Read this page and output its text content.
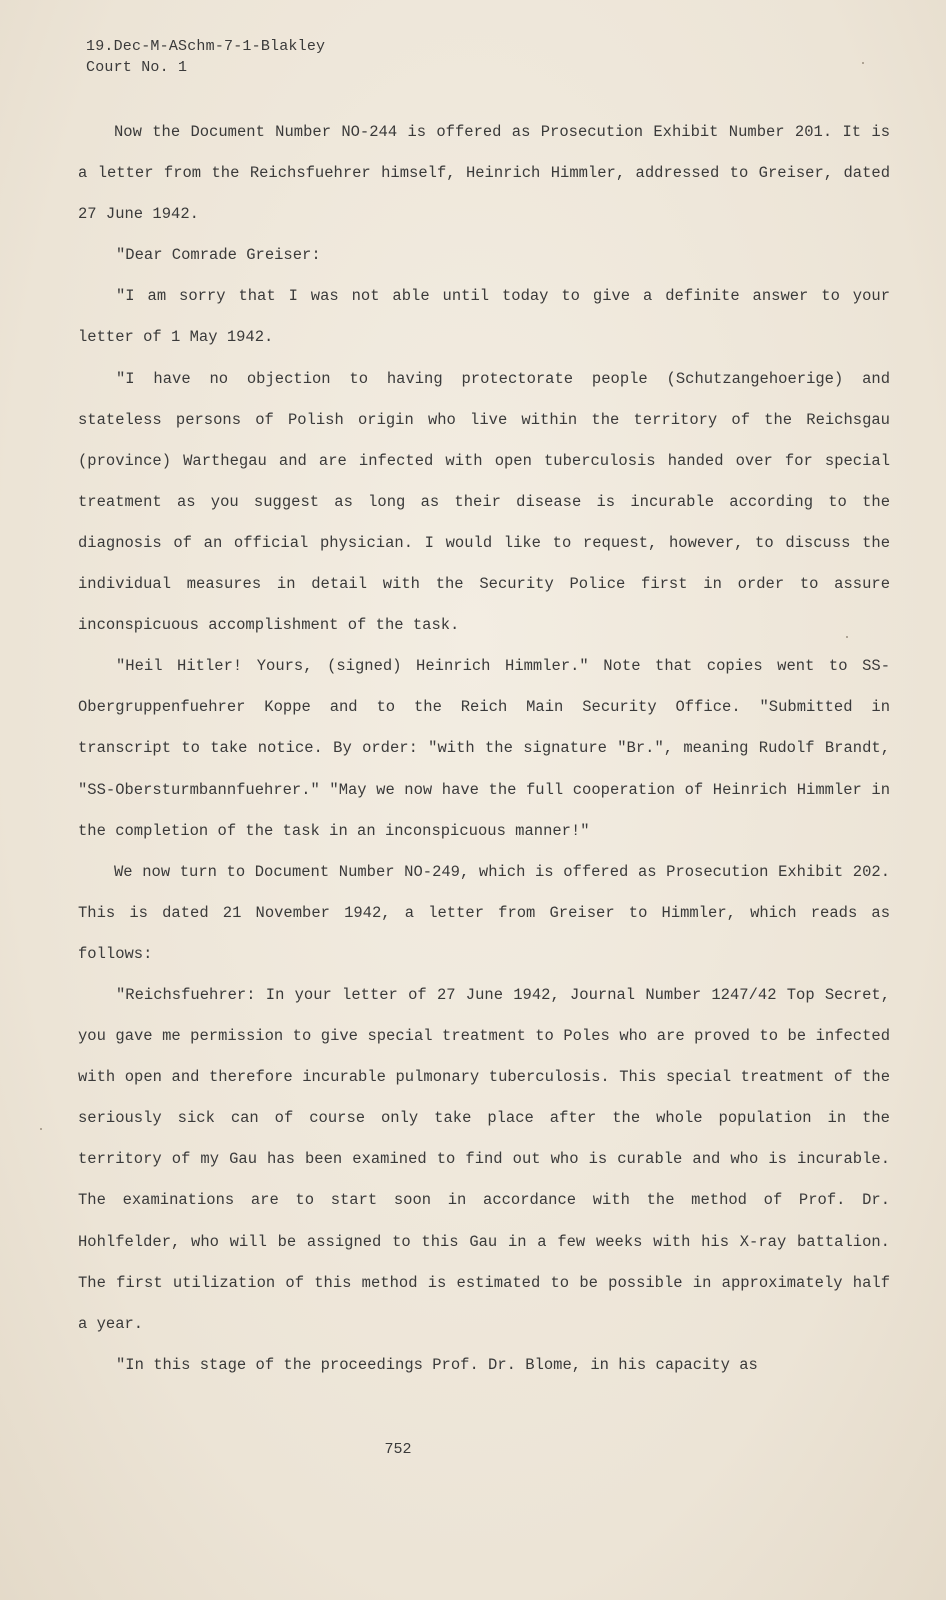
19.Dec-M-ASchm-7-1-Blakley
Court No. 1

Now the Document Number NO-244 is offered as Prosecution Exhibit Number 201. It is a letter from the Reichsfuehrer himself, Heinrich Himmler, addressed to Greiser, dated 27 June 1942.

"Dear Comrade Greiser:

"I am sorry that I was not able until today to give a definite answer to your letter of 1 May 1942.

"I have no objection to having protectorate people (Schutzangehoerige) and stateless persons of Polish origin who live within the territory of the Reichsgau (province) Warthegau and are infected with open tuberculosis handed over for special treatment as you suggest as long as their disease is incurable according to the diagnosis of an official physician. I would like to request, however, to discuss the individual measures in detail with the Security Police first in order to assure inconspicuous accomplishment of the task.

"Heil Hitler! Yours, (signed) Heinrich Himmler." Note that copies went to SS-Obergruppenfuehrer Koppe and to the Reich Main Security Office. "Submitted in transcript to take notice. By order: "with the signature "Br.", meaning Rudolf Brandt, "SS-Obersturmbannfuehrer." "May we now have the full cooperation of Heinrich Himmler in the completion of the task in an inconspicuous manner!"

We now turn to Document Number NO-249, which is offered as Prosecution Exhibit 202. This is dated 21 November 1942, a letter from Greiser to Himmler, which reads as follows:

"Reichsfuehrer: In your letter of 27 June 1942, Journal Number 1247/42 Top Secret, you gave me permission to give special treatment to Poles who are proved to be infected with open and therefore incurable pulmonary tuberculosis. This special treatment of the seriously sick can of course only take place after the whole population in the territory of my Gau has been examined to find out who is curable and who is incurable. The examinations are to start soon in accordance with the method of Prof. Dr. Hohlfelder, who will be assigned to this Gau in a few weeks with his X-ray battalion. The first utilization of this method is estimated to be possible in approximately half a year.

"In this stage of the proceedings Prof. Dr. Blome, in his capacity as

752
